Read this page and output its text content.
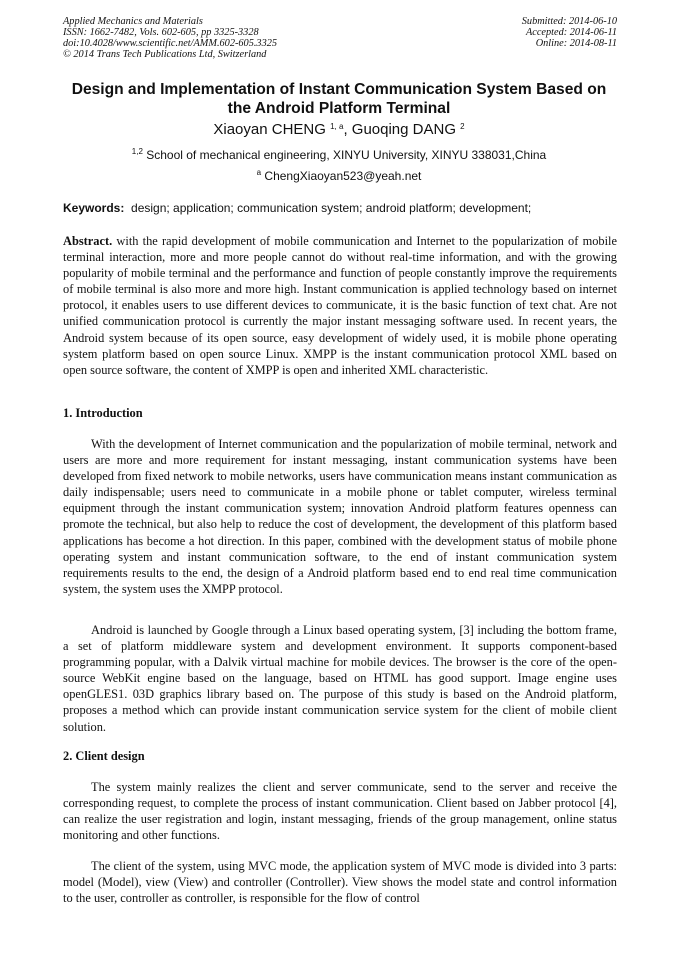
Applied Mechanics and Materials
ISSN: 1662-7482, Vols. 602-605, pp 3325-3328
doi:10.4028/www.scientific.net/AMM.602-605.3325
© 2014 Trans Tech Publications Ltd, Switzerland
Submitted: 2014-06-10
Accepted: 2014-06-11
Online: 2014-08-11
Design and Implementation of Instant Communication System Based on
the Android Platform Terminal
Xiaoyan CHENG $^{1, a}$, Guoqing DANG $^2$
$^{1,2}$ School of mechanical engineering, XINYU University, XINYU 338031,China
$^a$ ChengXiaoyan523@yeah.net
Keywords: design; application; communication system; android platform; development;

Abstract. with the rapid development of mobile communication and Internet to the popularization of mobile terminal interaction, more and more people cannot do without real-time information, and with the growing popularity of mobile terminal and the performance and function of people constantly improve the requirements of mobile terminal is also more and more high. Instant communication is applied technology based on internet protocol, it enables users to use different devices to communicate, it is the basic function of text chat. Are not unified communication protocol is currently the major instant messaging software used. In recent years, the Android system because of its open source, easy development of widely used, it is mobile phone operating system platform based on open source Linux. XMPP is the instant communication protocol XML based on open source software, the content of XMPP is open and inherited XML characteristic.

1. Introduction

With the development of Internet communication and the popularization of mobile terminal, network and users are more and more requirement for instant messaging, instant communication systems have been developed from fixed network to mobile networks, users have communication means instant communication as daily indispensable; users need to communicate in a mobile phone or tablet computer, wireless terminal equipment through the instant communication system; innovation Android platform features openness can promote the technical, but also help to reduce the cost of development, the development of this platform based applications has become a hot direction. In this paper, combined with the development status of mobile phone operating system and instant communication software, to the end of instant communication system requirements results to the end, the design of a Android platform based end to end real time communication system, the system uses the XMPP protocol.

Android is launched by Google through a Linux based operating system, [3] including the bottom frame, a set of platform middleware system and development environment. It supports component-based programming popular, with a Dalvik virtual machine for mobile devices. The browser is the core of the open-source WebKit engine based on the language, based on HTML has good support. Image engine uses openGLES1. 03D graphics library based on. The purpose of this study is based on the Android platform, proposes a method which can provide instant communication service system for the client of mobile client solution.

2. Client design

The system mainly realizes the client and server communicate, send to the server and receive the corresponding request, to complete the process of instant communication. Client based on Jabber protocol [4], can realize the user registration and login, instant messaging, friends of the group management, online status monitoring and other functions.

The client of the system, using MVC mode, the application system of MVC mode is divided into 3 parts: model (Model), view (View) and controller (Controller). View shows the model state and control information to the user, controller as controller, is responsible for the flow of control
